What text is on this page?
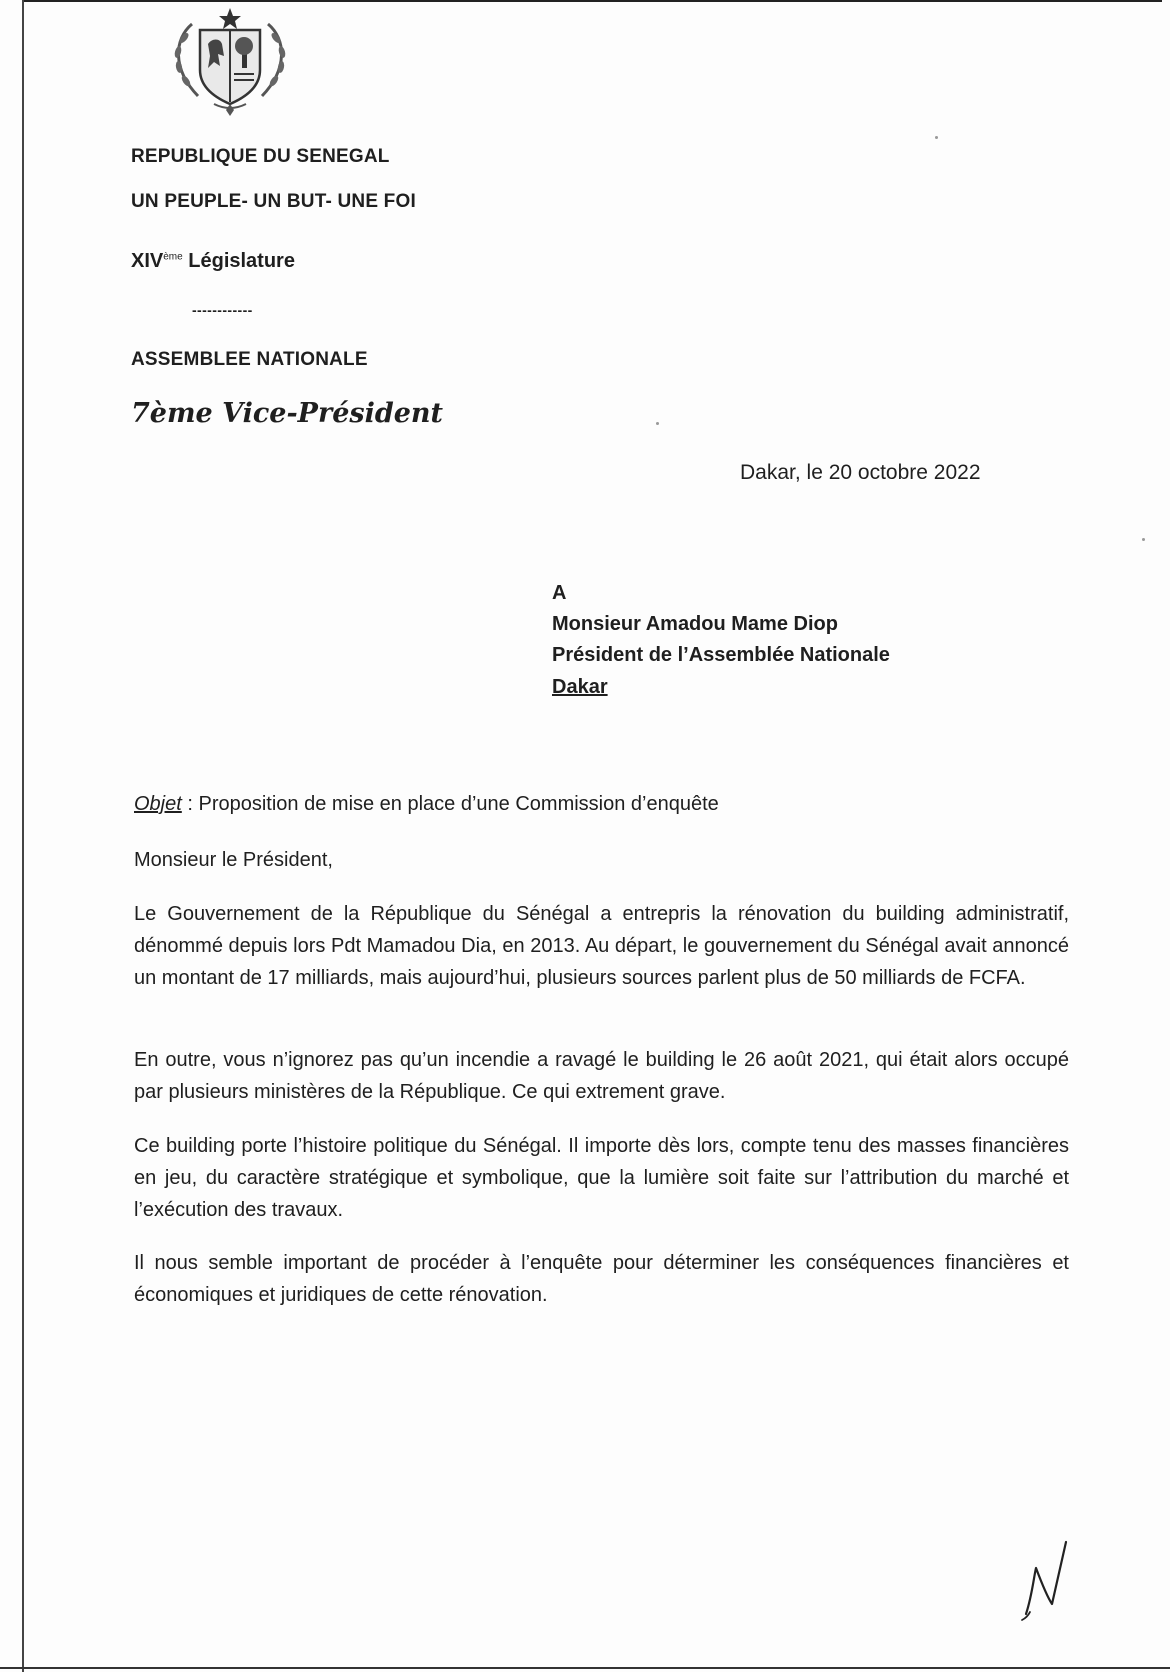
REPUBLIQUE DU SENEGAL
UN PEUPLE- UN BUT- UNE FOI
XIVème Législature
------------
ASSEMBLEE NATIONALE
7ème Vice-Président
Dakar, le 20 octobre 2022
A
Monsieur Amadou Mame Diop
Président de l’Assemblée Nationale
Dakar
Objet : Proposition de mise en place d’une Commission d’enquête
Monsieur le Président,
Le Gouvernement de la République du Sénégal a entrepris la rénovation du building administratif, dénommé depuis lors Pdt Mamadou Dia, en 2013. Au départ, le gouvernement du Sénégal avait annoncé un montant de 17 milliards, mais aujourd’hui, plusieurs sources parlent plus de 50 milliards de FCFA.
En outre, vous n’ignorez pas qu’un incendie a ravagé le building le 26 août 2021, qui était alors occupé par plusieurs ministères de la République. Ce qui extrement grave.
Ce building porte l’histoire politique du Sénégal. Il importe dès lors, compte tenu des masses financières en jeu, du caractère stratégique et symbolique, que la lumière soit faite sur l’attribution du marché et l’exécution des travaux.
Il nous semble important de procéder à l’enquête pour déterminer les conséquences financières et économiques et juridiques de cette rénovation.
